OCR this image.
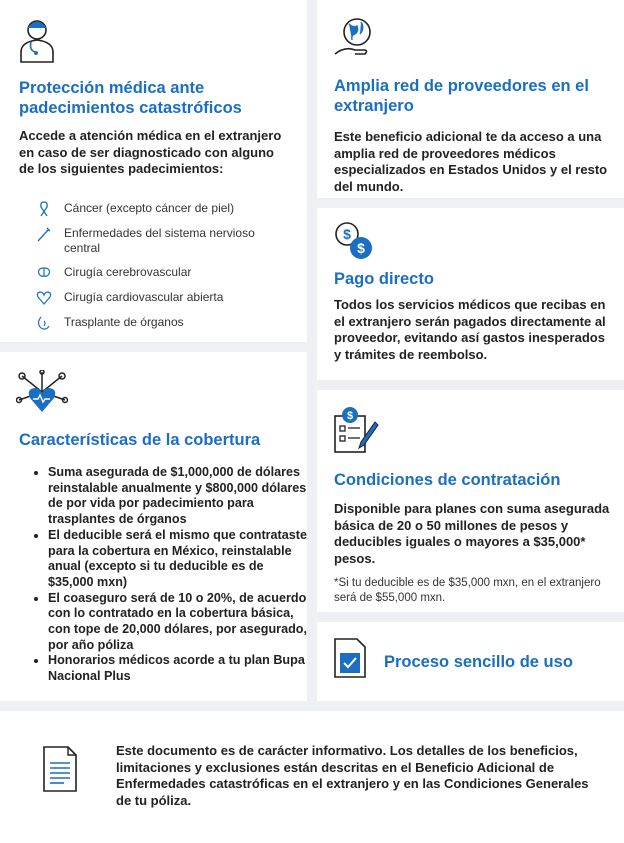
Protección médica ante padecimientos catastróficos

Accede a atención médica en el extranjero en caso de ser diagnosticado con alguno de los siguientes padecimientos:

Cáncer (excepto cáncer de piel)
Enfermedades del sistema nervioso central
Cirugía cerebrovascular
Cirugía cardiovascular abierta
Trasplante de órganos
Amplia red de proveedores en el extranjero

Este beneficio adicional te da acceso a una amplia red de proveedores médicos especializados en Estados Unidos y el resto del mundo.

$
$
Pago directo

Todos los servicios médicos que recibas en el extranjero serán pagados directamente al proveedor, evitando así gastos inesperados y trámites de reembolso.

Características de la cobertura
• Suma asegurada de $1,000,000 de dólares reinstalable anualmente y $800,000 dólares de por vida por padecimiento para trasplantes de órganos
• El deducible será el mismo que contrataste para la cobertura en México, reinstalable anual (excepto si tu deducible es de $35,000 mxn)
• El coaseguro será de 10 o 20%, de acuerdo con lo contratado en la cobertura básica, con tope de 20,000 dólares, por asegurado, por año póliza
• Honorarios médicos acorde a tu plan Bupa Nacional Plus
$
Condiciones de contratación

Disponible para planes con suma asegurada básica de 20 o 50 millones de pesos y deducibles iguales o mayores a $35,000* pesos.

*Si tu deducible es de $35,000 mxn, en el extranjero será de $55,000 mxn.

Proceso sencillo de uso

Este documento es de carácter informativo. Los detalles de los beneficios, limitaciones y exclusiones están descritas en el Beneficio Adicional de Enfermedades catastróficas en el extranjero y en las Condiciones Generales de tu póliza.
